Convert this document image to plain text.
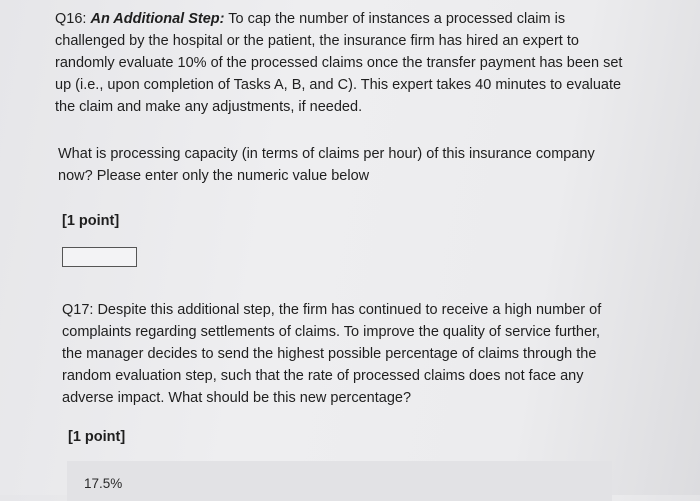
Q16: An Additional Step: To cap the number of instances a processed claim is challenged by the hospital or the patient, the insurance firm has hired an expert to randomly evaluate 10% of the processed claims once the transfer payment has been set up (i.e., upon completion of Tasks A, B, and C). This expert takes 40 minutes to evaluate the claim and make any adjustments, if needed.

What is processing capacity (in terms of claims per hour) of this insurance company now? Please enter only the numeric value below

[1 point]

Q17: Despite this additional step, the firm has continued to receive a high number of complaints regarding settlements of claims. To improve the quality of service further, the manager decides to send the highest possible percentage of claims through the random evaluation step, such that the rate of processed claims does not face any adverse impact. What should be this new percentage?

[1 point]

17.5%
